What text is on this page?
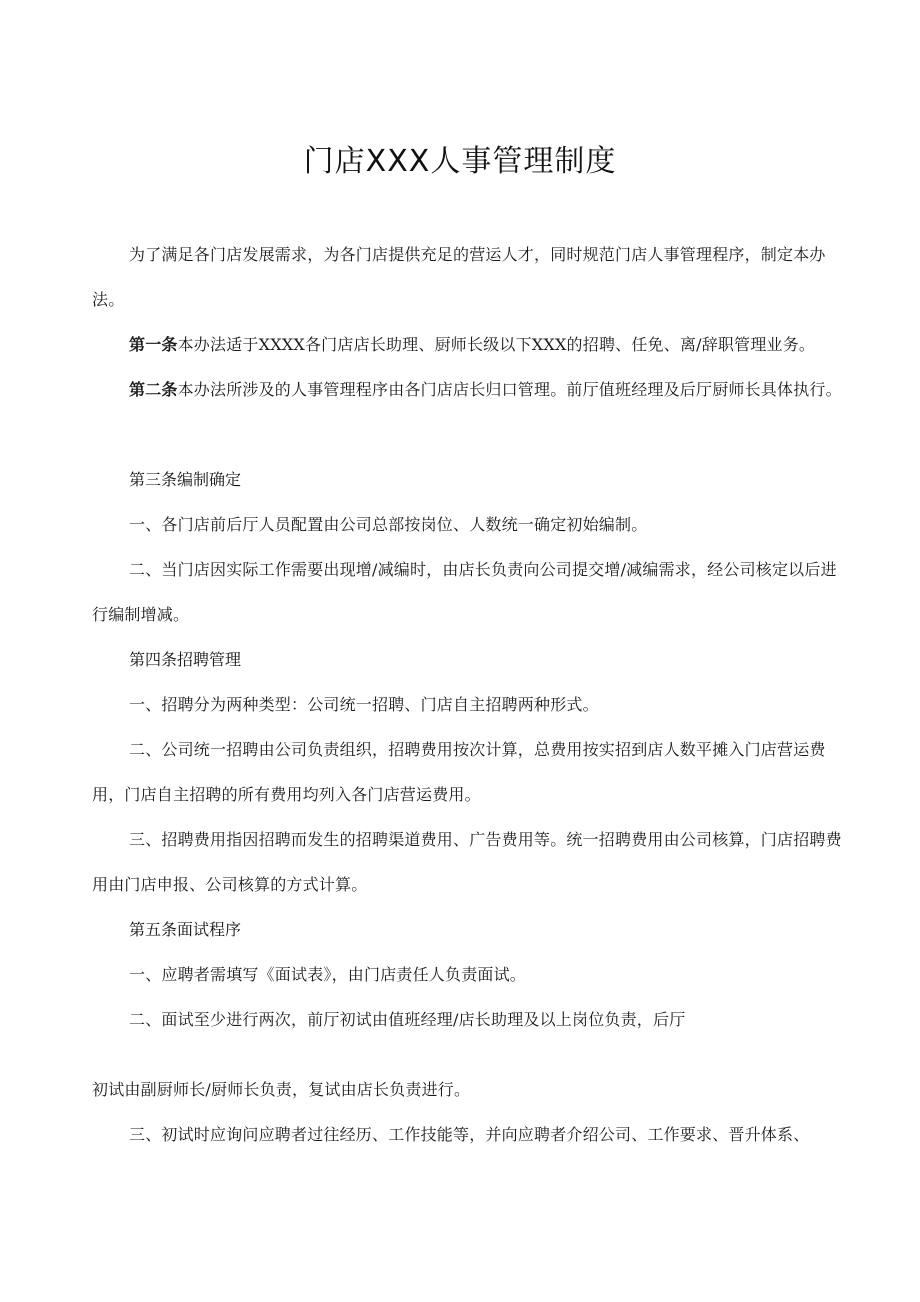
门店XXX人事管理制度

为了满足各门店发展需求，为各门店提供充足的营运人才，同时规范门店人事管理程序，制定本办法。

第一条本办法适于XXXX各门店店长助理、厨师长级以下XXX的招聘、任免、离/辞职管理业务。

第二条本办法所涉及的人事管理程序由各门店店长归口管理。前厅值班经理及后厅厨师长具体执行。

第三条编制确定

一、各门店前后厅人员配置由公司总部按岗位、人数统一确定初始编制。

二、当门店因实际工作需要出现增/减编时，由店长负责向公司提交增/减编需求，经公司核定以后进行编制增减。

第四条招聘管理

一、招聘分为两种类型：公司统一招聘、门店自主招聘两种形式。

二、公司统一招聘由公司负责组织，招聘费用按次计算，总费用按实招到店人数平摊入门店营运费用，门店自主招聘的所有费用均列入各门店营运费用。

三、招聘费用指因招聘而发生的招聘渠道费用、广告费用等。统一招聘费用由公司核算，门店招聘费用由门店申报、公司核算的方式计算。

第五条面试程序

一、应聘者需填写《面试表》，由门店责任人负责面试。

二、面试至少进行两次，前厅初试由值班经理/店长助理及以上岗位负责，后厅

初试由副厨师长/厨师长负责，复试由店长负责进行。

三、初试时应询问应聘者过往经历、工作技能等，并向应聘者介绍公司、工作要求、晋升体系、
